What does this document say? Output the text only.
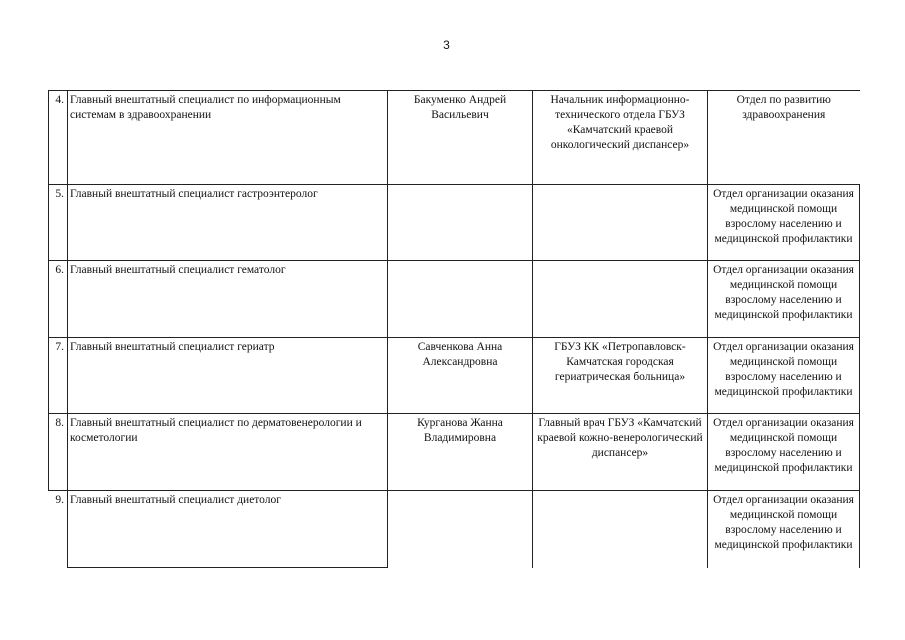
3
4.	Главный внештатный специалист по информационным системам в здравоохранении	Бакуменко Андрей Васильевич	Начальник информационно-технического отдела ГБУЗ «Камчатский краевой онкологический диспансер»	Отдел по развитию здравоохранения
5.	Главный внештатный специалист гастроэнтеролог			Отдел организации оказания медицинской помощи взрослому населению и медицинской профилактики
6.	Главный внештатный специалист гематолог			Отдел организации оказания медицинской помощи взрослому населению и медицинской профилактики
7.	Главный внештатный специалист гериатр	Савченкова Анна Александровна	ГБУЗ КК «Петропавловск-Камчатская городская гериатрическая больница»	Отдел организации оказания медицинской помощи взрослому населению и медицинской профилактики
8.	Главный внештатный специалист по дерматовенерологии и косметологии	Курганова Жанна Владимировна	Главный врач ГБУЗ «Камчатский краевой кожно-венерологический диспансер»	Отдел организации оказания медицинской помощи взрослому населению и медицинской профилактики
9.	Главный внештатный специалист диетолог			Отдел организации оказания медицинской помощи взрослому населению и медицинской профилактики
